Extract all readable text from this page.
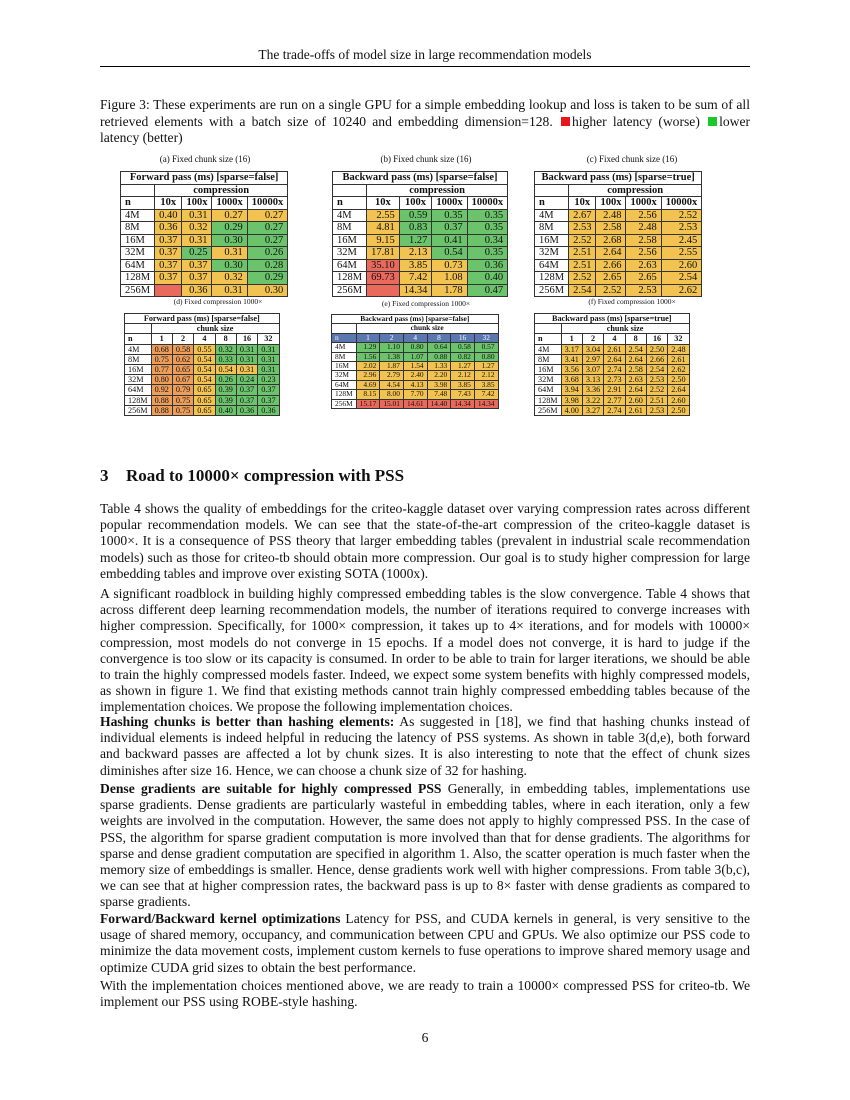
The trade-offs of model size in large recommendation models
Figure 3: These experiments are run on a single GPU for a simple embedding lookup and loss is taken to be sum of all retrieved elements with a batch size of 10240 and embedding dimension=128. higher latency (worse) lower latency (better)
(a) Fixed chunk size (16)	(b) Fixed chunk size (16)	(c) Fixed chunk size (16)
Forward pass (ms) [sparse=false]				
	compression			
n	10x	100x	1000x	10000x
4M	0.40	0.31	0.27	0.27
8M	0.36	0.32	0.29	0.27
16M	0.37	0.31	0.30	0.27
32M	0.37	0.25	0.31	0.26
64M	0.37	0.37	0.30	0.28
128M	0.37	0.37	0.32	0.29
256M		0.36	0.31	0.30
Backward pass (ms) [sparse=false]				
	compression			
n	10x	100x	1000x	10000x
4M	2.55	0.59	0.35	0.35
8M	4.81	0.83	0.37	0.35
16M	9.15	1.27	0.41	0.34
32M	17.81	2.13	0.54	0.35
64M	35.10	3.85	0.73	0.36
128M	69.73	7.42	1.08	0.40
256M		14.34	1.78	0.47
Backward pass (ms) [sparse=true]				
	compression			
n	10x	100x	1000x	10000x
4M	2.67	2.48	2.56	2.52
8M	2.53	2.58	2.48	2.53
16M	2.52	2.68	2.58	2.45
32M	2.51	2.64	2.56	2.55
64M	2.51	2.66	2.63	2.60
128M	2.52	2.65	2.65	2.54
256M	2.54	2.52	2.53	2.62
(d) Fixed compression 1000×	(e) Fixed compression 1000×	(f) Fixed compression 1000×
Forward pass (ms) [sparse=false]						
	chunk size					
n	1	2	4	8	16	32
4M	0.68	0.58	0.55	0.32	0.31	0.31
8M	0.75	0.62	0.54	0.33	0.31	0.31
16M	0.77	0.65	0.54	0.54	0.31	0.31
32M	0.80	0.67	0.54	0.26	0.24	0.23
64M	0.92	0.79	0.65	0.39	0.37	0.37
128M	0.88	0.75	0.65	0.39	0.37	0.37
256M	0.88	0.75	0.65	0.40	0.36	0.36
Backward pass (ms) [sparse=false]						
	chunk size					
n	1	2	4	8	16	32
4M	1.29	1.10	0.80	0.64	0.58	0.57
8M	1.56	1.38	1.07	0.88	0.82	0.80
16M	2.02	1.87	1.54	1.33	1.27	1.27
32M	2.96	2.79	2.40	2.20	2.12	2.12
64M	4.69	4.54	4.13	3.98	3.85	3.85
128M	8.15	8.00	7.70	7.48	7.43	7.42
256M	15.17	15.01	14.61	14.40	14.34	14.34
Backward pass (ms) [sparse=true]						
	chunk size					
n	1	2	4	8	16	32
4M	3.17	3.04	2.61	2.54	2.50	2.48
8M	3.41	2.97	2.64	2.64	2.66	2.61
16M	3.56	3.07	2.74	2.58	2.54	2.62
32M	3.68	3.13	2.73	2.63	2.53	2.50
64M	3.94	3.36	2.91	2.64	2.52	2.64
128M	3.98	3.22	2.77	2.60	2.51	2.60
256M	4.00	3.27	2.74	2.61	2.53	2.50
3 Road to 10000× compression with PSS
Table 4 shows the quality of embeddings for the criteo-kaggle dataset over varying compression rates across different popular recommendation models. We can see that the state-of-the-art compression of the criteo-kaggle dataset is 1000×. It is a consequence of PSS theory that larger embedding tables (prevalent in industrial scale recommendation models) such as those for criteo-tb should obtain more compression. Our goal is to study higher compression for large embedding tables and improve over existing SOTA (1000x).
A significant roadblock in building highly compressed embedding tables is the slow convergence. Table 4 shows that across different deep learning recommendation models, the number of iterations required to converge increases with higher compression. Specifically, for 1000× compression, it takes up to 4× iterations, and for models with 10000× compression, most models do not converge in 15 epochs. If a model does not converge, it is hard to judge if the convergence is too slow or its capacity is consumed. In order to be able to train for larger iterations, we should be able to train the highly compressed models faster. Indeed, we expect some system benefits with highly compressed models, as shown in figure 1. We find that existing methods cannot train highly compressed embedding tables because of the implementation choices. We propose the following implementation choices.
Hashing chunks is better than hashing elements: As suggested in [18], we find that hashing chunks instead of individual elements is indeed helpful in reducing the latency of PSS systems. As shown in table 3(d,e), both forward and backward passes are affected a lot by chunk sizes. It is also interesting to note that the effect of chunk sizes diminishes after size 16. Hence, we can choose a chunk size of 32 for hashing.
Dense gradients are suitable for highly compressed PSS Generally, in embedding tables, implementations use sparse gradients. Dense gradients are particularly wasteful in embedding tables, where in each iteration, only a few weights are involved in the computation. However, the same does not apply to highly compressed PSS. In the case of PSS, the algorithm for sparse gradient computation is more involved than that for dense gradients. The algorithms for sparse and dense gradient computation are specified in algorithm 1. Also, the scatter operation is much faster when the memory size of embeddings is smaller. Hence, dense gradients work well with higher compressions. From table 3(b,c), we can see that at higher compression rates, the backward pass is up to 8× faster with dense gradients as compared to sparse gradients.
Forward/Backward kernel optimizations Latency for PSS, and CUDA kernels in general, is very sensitive to the usage of shared memory, occupancy, and communication between CPU and GPUs. We also optimize our PSS code to minimize the data movement costs, implement custom kernels to fuse operations to improve shared memory usage and optimize CUDA grid sizes to obtain the best performance.
With the implementation choices mentioned above, we are ready to train a 10000× compressed PSS for criteo-tb. We implement our PSS using ROBE-style hashing.
6
